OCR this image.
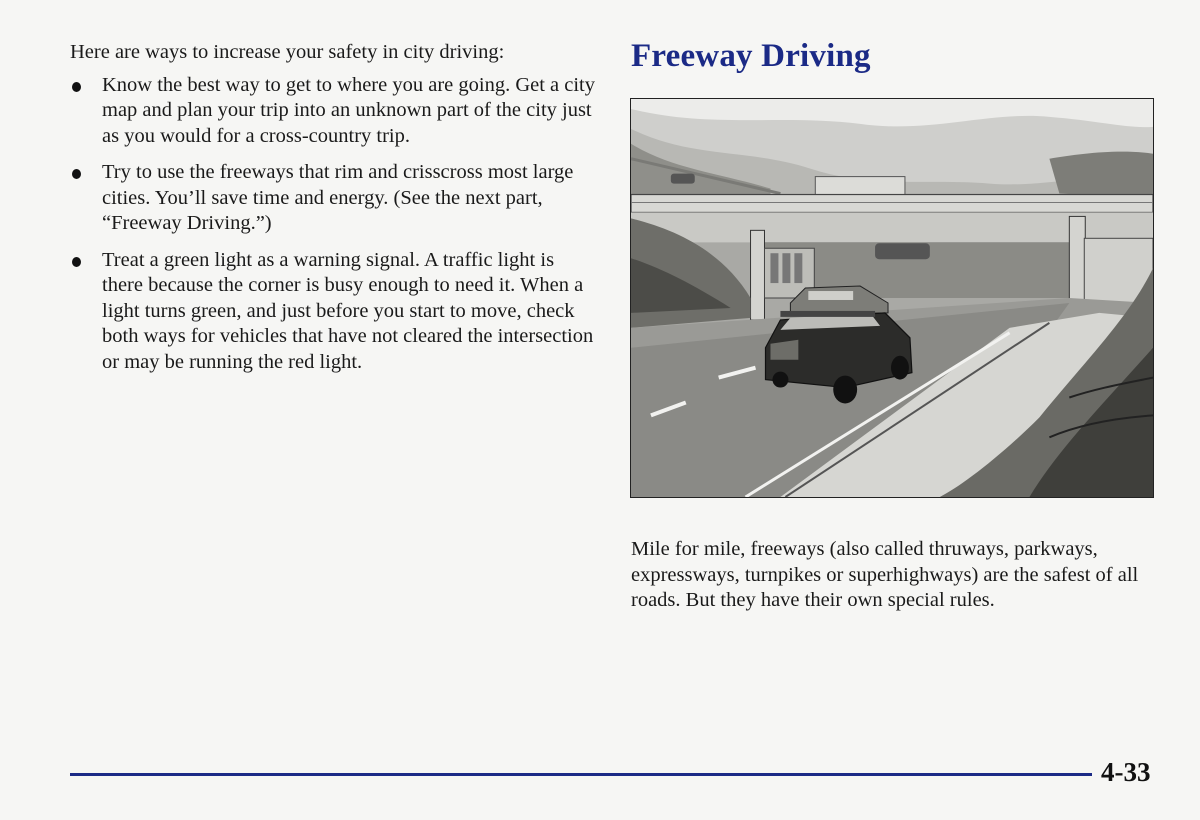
Here are ways to increase your safety in city driving:

Know the best way to get to where you are going. Get a city map and plan your trip into an unknown part of the city just as you would for a cross-country trip.
Try to use the freeways that rim and crisscross most large cities. You’ll save time and energy. (See the next part, “Freeway Driving.”)
Treat a green light as a warning signal. A traffic light is there because the corner is busy enough to need it. When a light turns green, and just before you start to move, check both ways for vehicles that have not cleared the intersection or may be running the red light.
Freeway Driving

Mile for mile, freeways (also called thruways, parkways, expressways, turnpikes or superhighways) are the safest of all roads. But they have their own special rules.

4-33
